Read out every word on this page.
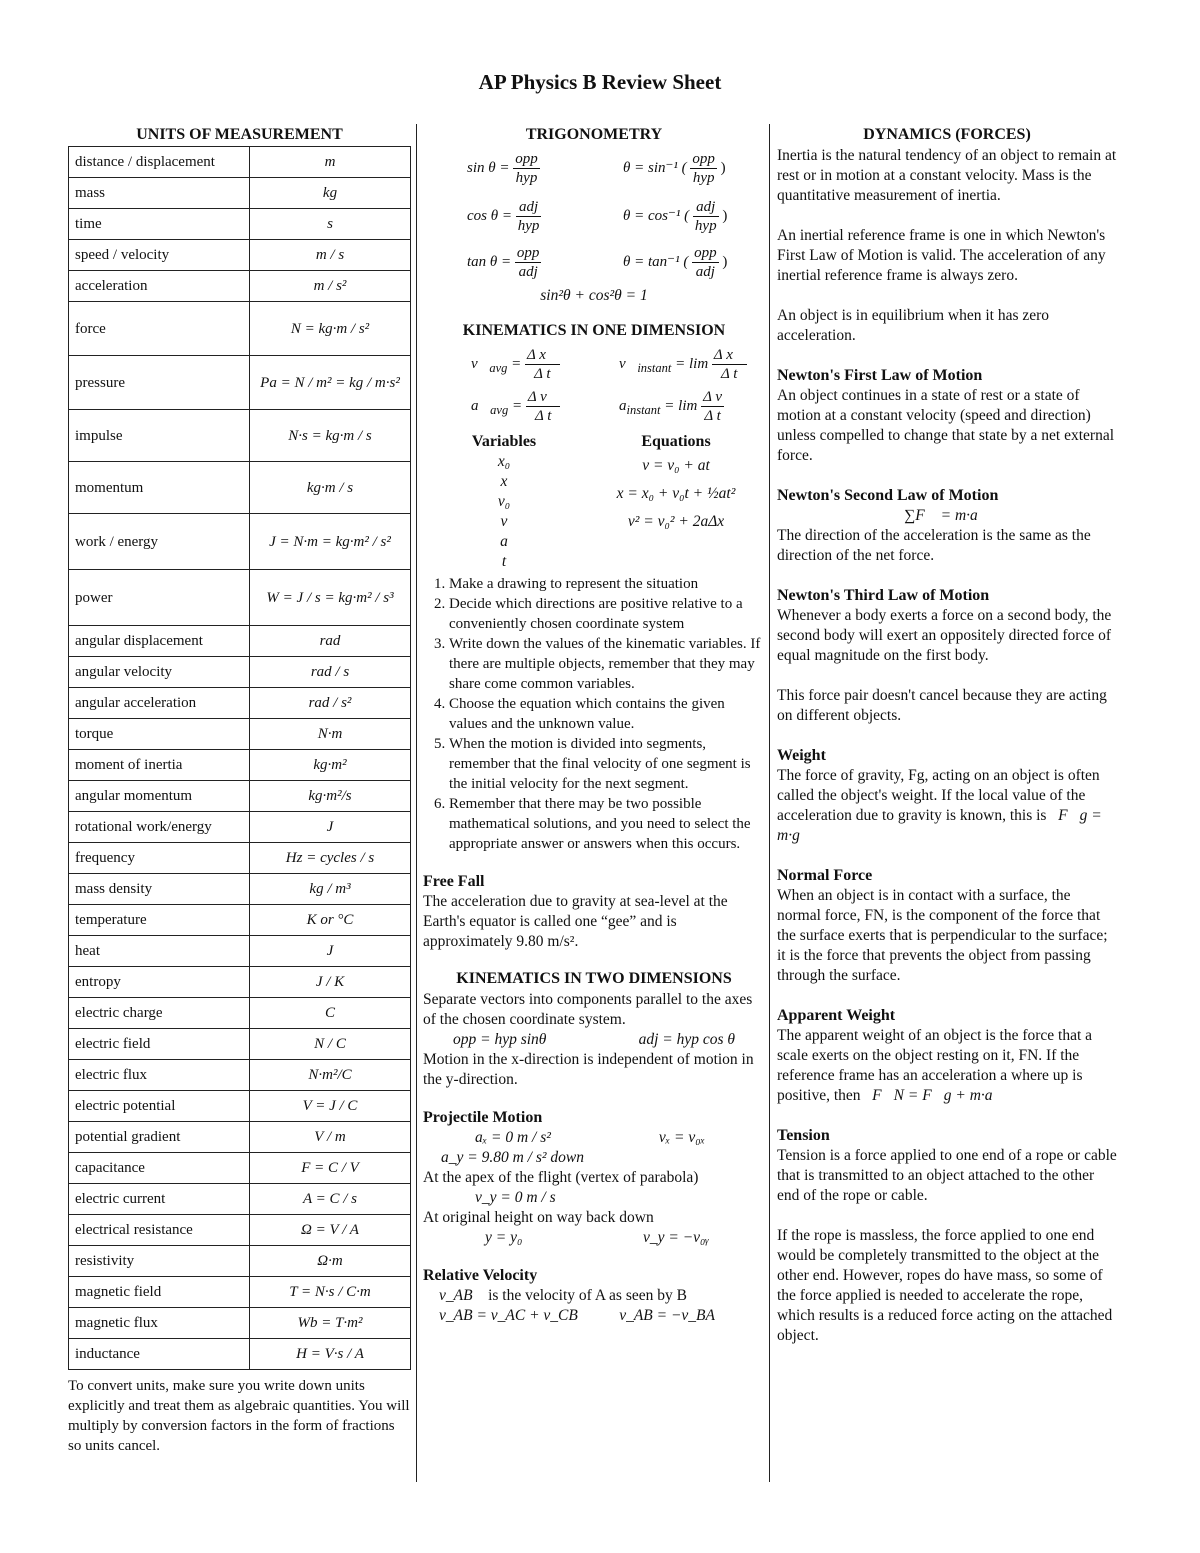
AP Physics B Review Sheet
UNITS OF MEASUREMENT
distance / displacement	m
mass	kg
time	s
speed / velocity	m / s
acceleration	m / s²
force	N = kg·m / s²
pressure	Pa = N / m² = kg / m·s²
impulse	N·s = kg·m / s
momentum	kg·m / s
work / energy	J = N·m = kg·m² / s²
power	W = J / s = kg·m² / s³
angular displacement	rad
angular velocity	rad / s
angular acceleration	rad / s²
torque	N·m
moment of inertia	kg·m²
angular momentum	kg·m²/s
rotational work/energy	J
frequency	Hz = cycles / s
mass density	kg / m³
temperature	K or °C
heat	J
entropy	J / K
electric charge	C
electric field	N / C
electric flux	N·m²/C
electric potential	V = J / C
potential gradient	V / m
capacitance	F = C / V
electric current	A = C / s
electrical resistance	Ω = V / A
resistivity	Ω·m
magnetic field	T = N·s / C·m
magnetic flux	Wb = T·m²
inductance	H = V·s / A

To convert units, make sure you write down units explicitly and treat them as algebraic quantities. You will multiply by conversion factors in the form of fractions so units cancel.

TRIGONOMETRY
$\sin \theta = \frac{\text{opp}}{\text{hyp}}$	θ = sin⁻¹ ( $\frac{\text{opp}}{\text{hyp}}$ )
$\cos \theta = \frac{\text{adj}}{\text{hyp}}$	θ = cos⁻¹ ( $\frac{\text{adj}}{\text{hyp}}$ )
$\tan \theta = \frac{\text{opp}}{\text{adj}}$	θ = tan⁻¹ ( $\frac{\text{opp}}{\text{adj}}$ )
sin²θ + cos²θ = 1
KINEMATICS IN ONE DIMENSION
$v⃗_{avg} = \frac{\text{Δ x⃗}}{\text{Δ t}}$	$v⃗_{instant} = \lim \frac{\text{Δ x⃗}}{\text{Δ t}}$
$a⃗_{avg} = \frac{\text{Δ v⃗}}{\text{Δ t}}$	$a_{instant} = \lim \frac{\text{Δ v}}{\text{Δ t}}$
Variables
x₀
x
v₀
v
a
t
Equations
v = v₀ + at
x = x₀ + v₀t + ½at²
v² = v₀² + 2aΔx
1. Make a drawing to represent the situation
2. Decide which directions are positive relative to a conveniently chosen coordinate system
3. Write down the values of the kinematic variables. If there are multiple objects, remember that they may share come common variables.
4. Choose the equation which contains the given values and the unknown value.
5. When the motion is divided into segments, remember that the final velocity of one segment is the initial velocity for the next segment.
6. Remember that there may be two possible mathematical solutions, and you need to select the appropriate answer or answers when this occurs.
Free Fall

The acceleration due to gravity at sea-level at the Earth's equator is called one “gee” and is approximately 9.80 m/s².

KINEMATICS IN TWO DIMENSIONS

Separate vectors into components parallel to the axes of the chosen coordinate system.

opp = hyp sinθ	adj = hyp cos θ

Motion in the x-direction is independent of motion in the y-direction.

Projectile Motion
aₓ = 0 m / s²	vₓ = v₀ₓ
a_y = 9.80 m / s² down

At the apex of the flight (vertex of parabola)

v_y = 0 m / s

At original height on way back down

y = y₀	v_y = −v₀ᵧ
Relative Velocity
v_AB is the velocity of A as seen by B
v_AB = v_AC + v_CB	v_AB = −v_BA
DYNAMICS (FORCES)

Inertia is the natural tendency of an object to remain at rest or in motion at a constant velocity. Mass is the quantitative measurement of inertia.

An inertial reference frame is one in which Newton's First Law of Motion is valid. The acceleration of any inertial reference frame is always zero.

An object is in equilibrium when it has zero acceleration.

Newton's First Law of Motion

An object continues in a state of rest or a state of motion at a constant velocity (speed and direction) unless compelled to change that state by a net external force.

Newton's Second Law of Motion
∑F⃗ = m·a⃗

The direction of the acceleration is the same as the direction of the net force.

Newton's Third Law of Motion

Whenever a body exerts a force on a second body, the second body will exert an oppositely directed force of equal magnitude on the first body.

This force pair doesn't cancel because they are acting on different objects.

Weight

The force of gravity, Fg, acting on an object is often called the object's weight. If the local value of the acceleration due to gravity is known, this is F⃗g = m·g⃗

Normal Force

When an object is in contact with a surface, the normal force, FN, is the component of the force that the surface exerts that is perpendicular to the surface; it is the force that prevents the object from passing through the surface.

Apparent Weight

The apparent weight of an object is the force that a scale exerts on the object resting on it, FN. If the reference frame has an acceleration a where up is positive, then F⃗N = F⃗g + m·a⃗

Tension

Tension is a force applied to one end of a rope or cable that is transmitted to an object attached to the other end of the rope or cable.

If the rope is massless, the force applied to one end would be completely transmitted to the object at the other end. However, ropes do have mass, so some of the force applied is needed to accelerate the rope, which results is a reduced force acting on the attached object.
